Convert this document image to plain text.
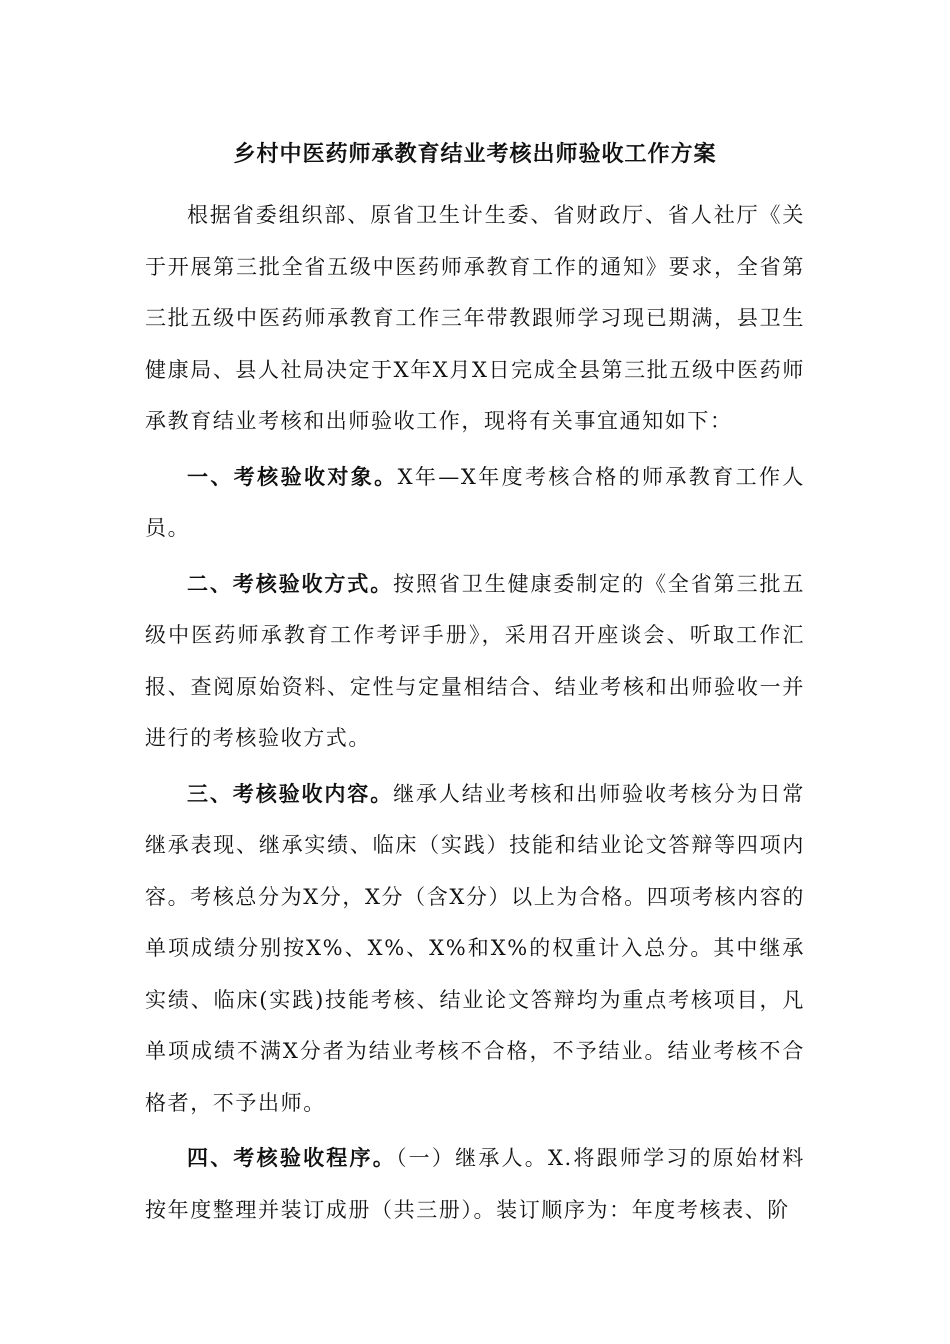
乡村中医药师承教育结业考核出师验收工作方案

根据省委组织部、原省卫生计生委、省财政厅、省人社厅《关于开展第三批全省五级中医药师承教育工作的通知》要求，全省第三批五级中医药师承教育工作三年带教跟师学习现已期满，县卫生健康局、县人社局决定于X年X月X日完成全县第三批五级中医药师承教育结业考核和出师验收工作，现将有关事宜通知如下：

一、考核验收对象。X年—X年度考核合格的师承教育工作人员。

二、考核验收方式。按照省卫生健康委制定的《全省第三批五级中医药师承教育工作考评手册》，采用召开座谈会、听取工作汇报、查阅原始资料、定性与定量相结合、结业考核和出师验收一并进行的考核验收方式。

三、考核验收内容。继承人结业考核和出师验收考核分为日常继承表现、继承实绩、临床（实践）技能和结业论文答辩等四项内容。考核总分为X分，X分（含X分）以上为合格。四项考核内容的单项成绩分别按X%、X%、X%和X%的权重计入总分。其中继承实绩、临床(实践)技能考核、结业论文答辩均为重点考核项目，凡单项成绩不满X分者为结业考核不合格，不予结业。结业考核不合格者，不予出师。

四、考核验收程序。（一）继承人。X.将跟师学习的原始材料按年度整理并装订成册（共三册）。装订顺序为：年度考核表、阶
